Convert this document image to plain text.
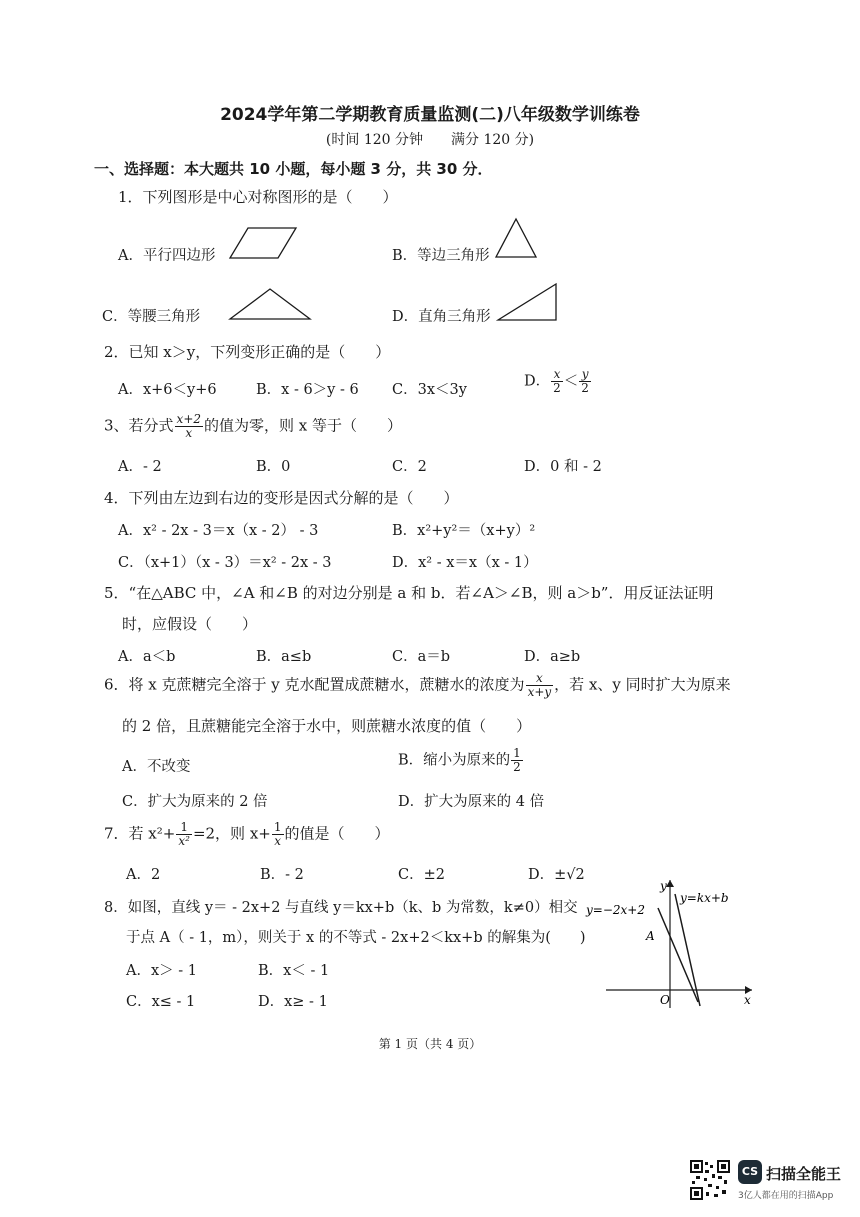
2024学年第二学期教育质量监测(二)八年级数学训练卷
(时间 120 分钟　　满分 120 分)
一、选择题：本大题共 10 小题，每小题 3 分，共 30 分．
1．下列图形是中心对称图形的是（　　）
A．平行四边形	B．等边三角形
C．等腰三角形	D．直角三角形
2．已知 x＞y，下列变形正确的是（　　）
A．x+6＜y+6	B．x - 6＞y - 6 C．3x＜3y
D． $\frac{x}{2} < \frac{y}{2}$
3、若分式 $\frac{x+2}{x}$ 的值为零，则 x 等于（　　）
A．- 2	B．0	C．2	D．0 和 - 2
4．下列由左边到右边的变形是因式分解的是（　　）
A．x² - 2x - 3＝x（x - 2） - 3	B．x²+y²＝（x+y）²
C．（x+1）（x - 3）＝x² - 2x - 3	D．x² - x＝x（x - 1）
5．“在△ABC 中，∠A 和∠B 的对边分别是 a 和 b．若∠A＞∠B，则 a＞b”．用反证法证明
时，应假设（　　）
A．a＜b	B．a≤b	C．a＝b	D．a≥b
6．将 x 克蔗糖完全溶于 y 克水配置成蔗糖水，蔗糖水的浓度为 $\frac{x}{x+y}$ ，若 x、y 同时扩大为原来
的 2 倍，且蔗糖能完全溶于水中，则蔗糖水浓度的值（　　）
A．不改变	B．缩小为原来的 $\frac{1}{2}$
C．扩大为原来的 2 倍	D．扩大为原来的 4 倍
7．若 $x^2+ \frac{1}{\text{x²}} =2$，则 $x+ \frac{1}{x}$ 的值是（　　）
A．2	B．- 2	C．±2	D．±√2
8．如图，直线 y＝ - 2x+2 与直线 y＝kx+b（k、b 为常数，k≠0）相交
于点 A（ - 1，m），则关于 x 的不等式 - 2x+2＜kx+b 的解集为(　　)
A．x＞ - 1	B．x＜ - 1
C．x≤ - 1	D．x≥ - 1
y
x
O
A
y=−2x+2
y=kx+b
第 1 页（共 4 页）
CS 扫描全能王
3亿人都在用的扫描App
